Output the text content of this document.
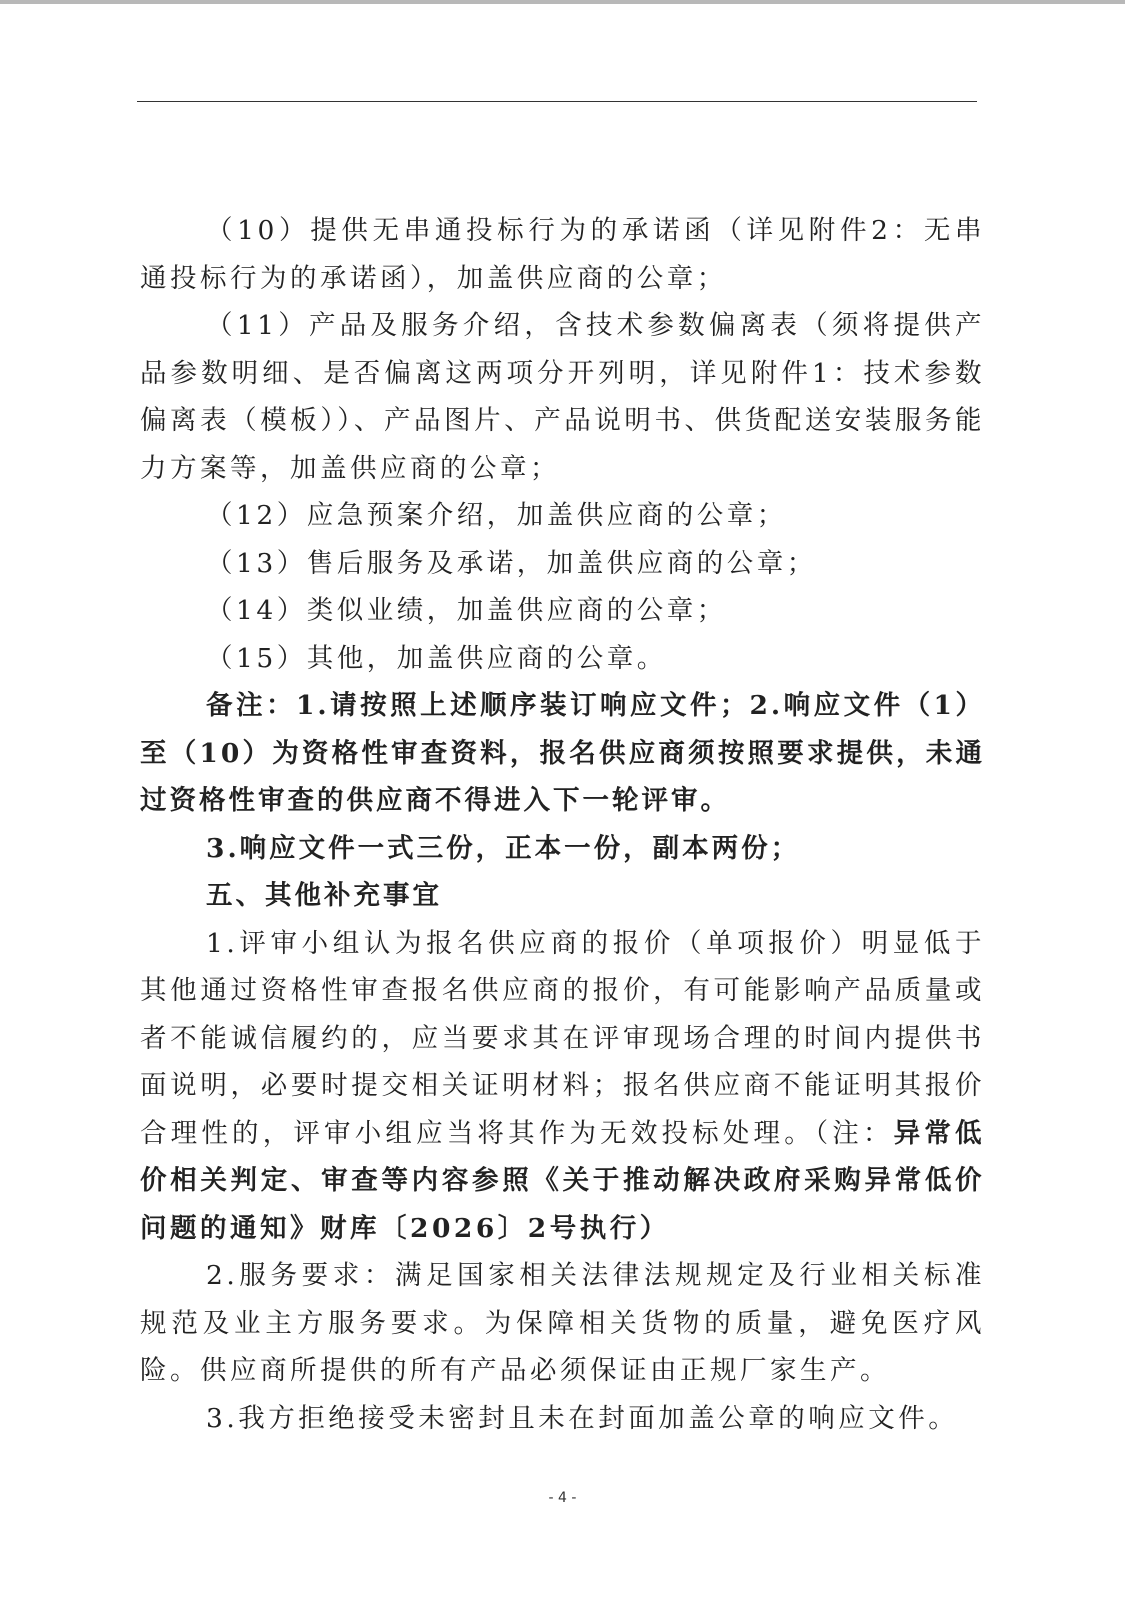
（10）提供无串通投标行为的承诺函（详见附件2：无串通投标行为的承诺函），加盖供应商的公章；

（11）产品及服务介绍，含技术参数偏离表（须将提供产品参数明细、是否偏离这两项分开列明，详见附件1：技术参数偏离表（模板））、产品图片、产品说明书、供货配送安装服务能力方案等，加盖供应商的公章；

（12）应急预案介绍，加盖供应商的公章；

（13）售后服务及承诺，加盖供应商的公章；

（14）类似业绩，加盖供应商的公章；

（15）其他，加盖供应商的公章。

备注：1.请按照上述顺序装订响应文件；2.响应文件（1）至（10）为资格性审查资料，报名供应商须按照要求提供，未通过资格性审查的供应商不得进入下一轮评审。

3.响应文件一式三份，正本一份，副本两份；

五、其他补充事宜

1.评审小组认为报名供应商的报价（单项报价）明显低于其他通过资格性审查报名供应商的报价，有可能影响产品质量或者不能诚信履约的，应当要求其在评审现场合理的时间内提供书面说明，必要时提交相关证明材料；报名供应商不能证明其报价合理性的，评审小组应当将其作为无效投标处理。（注：异常低价相关判定、审查等内容参照《关于推动解决政府采购异常低价问题的通知》财库〔2026〕2号执行）

2.服务要求：满足国家相关法律法规规定及行业相关标准规范及业主方服务要求。为保障相关货物的质量，避免医疗风险。供应商所提供的所有产品必须保证由正规厂家生产。

3.我方拒绝接受未密封且未在封面加盖公章的响应文件。

- 4 -
